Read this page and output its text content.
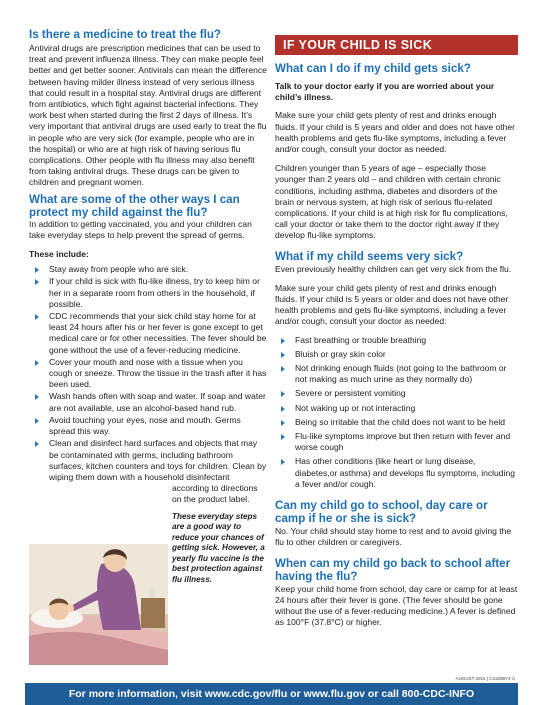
Is there a medicine to treat the flu?

Antiviral drugs are prescription medicines that can be used to treat and prevent influenza illness. They can make people feel better and get better sooner. Antivirals can mean the difference between having milder illness instead of very serious illness that could result in a hospital stay. Antiviral drugs are different from antibiotics, which fight against bacterial infections. They work best when started during the first 2 days of illness. It’s very important that antiviral drugs are used early to treat the flu in people who are very sick (for example, people who are in the hospital) or who are at high risk of having serious flu complications. Other people with flu illness may also benefit from taking antiviral drugs. These drugs can be given to children and pregnant women.

What are some of the other ways I can protect my child against the flu?

In addition to getting vaccinated, you and your children can take everyday steps to help prevent the spread of germs.

These include:

Stay away from people who are sick.
If your child is sick with flu-like illness, try to keep him or her in a separate room from others in the household, if possible.
CDC recommends that your sick child stay home for at least 24 hours after his or her fever is gone except to get medical care or for other necessities. The fever should be gone without the use of a fever-reducing medicine.
Cover your mouth and nose with a tissue when you cough or sneeze. Throw the tissue in the trash after it has been used.
Wash hands often with soap and water. If soap and water are not available, use an alcohol-based hand rub.
Avoid touching your eyes, nose and mouth. Germs spread this way.
Clean and disinfect hard surfaces and objects that may be contaminated with germs, including bathroom surfaces, kitchen counters and toys for children. Clean by wiping them down with a household disinfectant

according to directions on the product label.

These everyday steps are a good way to reduce your chances of getting sick. However, a yearly flu vaccine is the best protection against flu illness.

IF YOUR CHILD IS SICK
What can I do if my child gets sick?

Talk to your doctor early if you are worried about your child’s illness.

Make sure your child gets plenty of rest and drinks enough fluids. If your child is 5 years and older and does not have other health problems and gets flu-like symptoms, including a fever and/or cough, consult your doctor as needed.

Children younger than 5 years of age – especially those younger than 2 years old – and children with certain chronic conditions, including asthma, diabetes and disorders of the brain or nervous system, at high risk of serious flu-related complications. If your child is at high risk for flu complications, call your doctor or take them to the doctor right away if they develop flu-like symptoms.

What if my child seems very sick?

Even previously healthy children can get very sick from the flu.

Make sure your child gets plenty of rest and drinks enough fluids. If your child is 5 years or older and does not have other health problems and gets flu-like symptoms, including a fever and/or cough, consult your doctor as needed:

Fast breathing or trouble breathing
Bluish or gray skin color
Not drinking enough fluids (not going to the bathroom or not making as much urine as they normally do)
Severe or persistent vomiting
Not waking up or not interacting
Being so irritable that the child does not want to be held
Flu-like symptoms improve but then return with fever and worse cough
Has other conditions (like heart or lung disease, diabetes,or asthma) and develops flu symptoms, including a fever and/or cough.
Can my child go to school, day care or camp if he or she is sick?

No. Your child should stay home to rest and to avoid giving the flu to other children or caregivers.

When can my child go back to school after having the flu?

Keep your child home from school, day care or camp for at least 24 hours after their fever is gone. (The fever should be gone without the use of a fever-reducing medicine.) A fever is defined as 100°F (37.8°C) or higher.

AUGUST 2015 | CS258974-A
For more information, visit www.cdc.gov/flu or www.flu.gov or call 800-CDC-INFO
